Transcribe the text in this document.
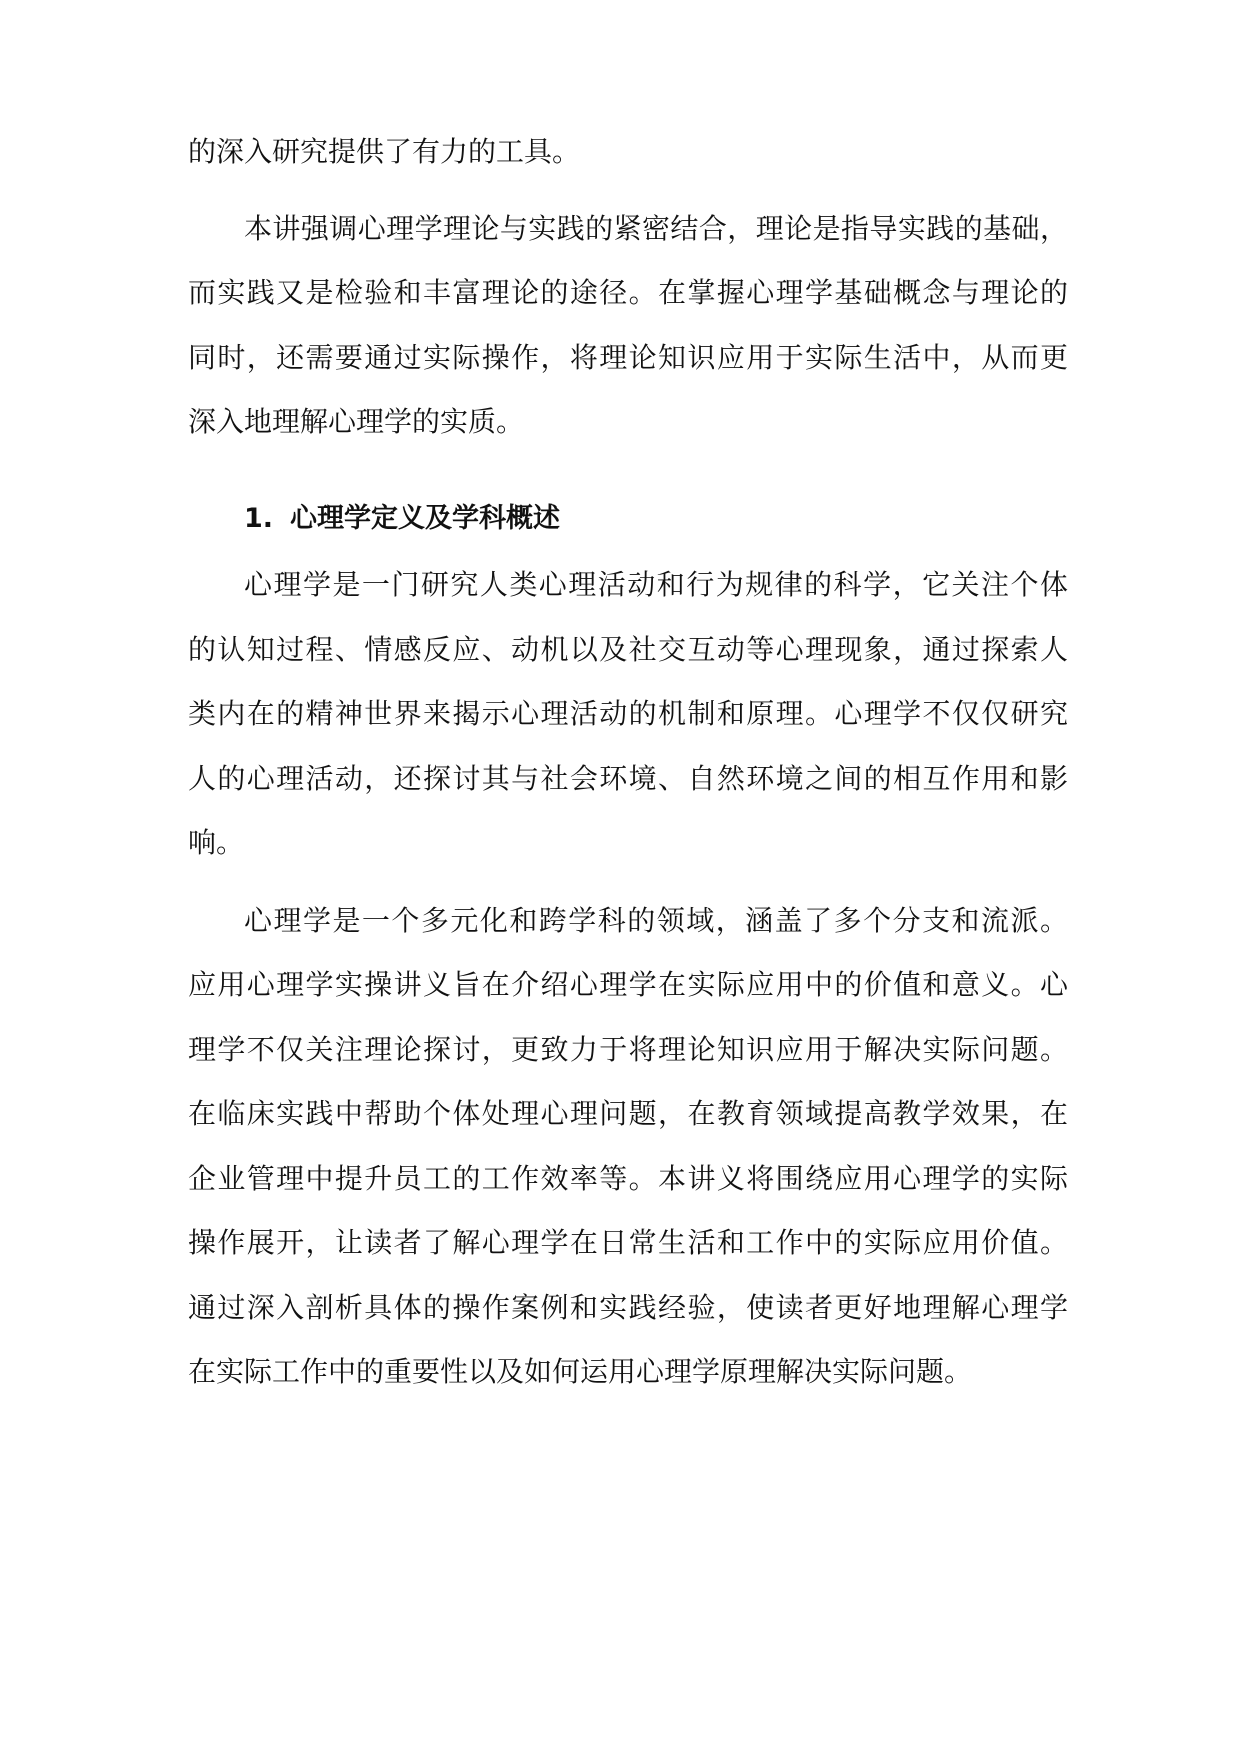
的深入研究提供了有力的工具。
本讲强调心理学理论与实践的紧密结合，理论是指导实践的基础，
而实践又是检验和丰富理论的途径。在掌握心理学基础概念与理论的
同时，还需要通过实际操作，将理论知识应用于实际生活中，从而更
深入地理解心理学的实质。
1. 心理学定义及学科概述
心理学是一门研究人类心理活动和行为规律的科学，它关注个体
的认知过程、情感反应、动机以及社交互动等心理现象，通过探索人
类内在的精神世界来揭示心理活动的机制和原理。心理学不仅仅研究
人的心理活动，还探讨其与社会环境、自然环境之间的相互作用和影
响。
心理学是一个多元化和跨学科的领域，涵盖了多个分支和流派。
应用心理学实操讲义旨在介绍心理学在实际应用中的价值和意义。心
理学不仅关注理论探讨，更致力于将理论知识应用于解决实际问题。
在临床实践中帮助个体处理心理问题，在教育领域提高教学效果，在
企业管理中提升员工的工作效率等。本讲义将围绕应用心理学的实际
操作展开，让读者了解心理学在日常生活和工作中的实际应用价值。
通过深入剖析具体的操作案例和实践经验，使读者更好地理解心理学
在实际工作中的重要性以及如何运用心理学原理解决实际问题。
